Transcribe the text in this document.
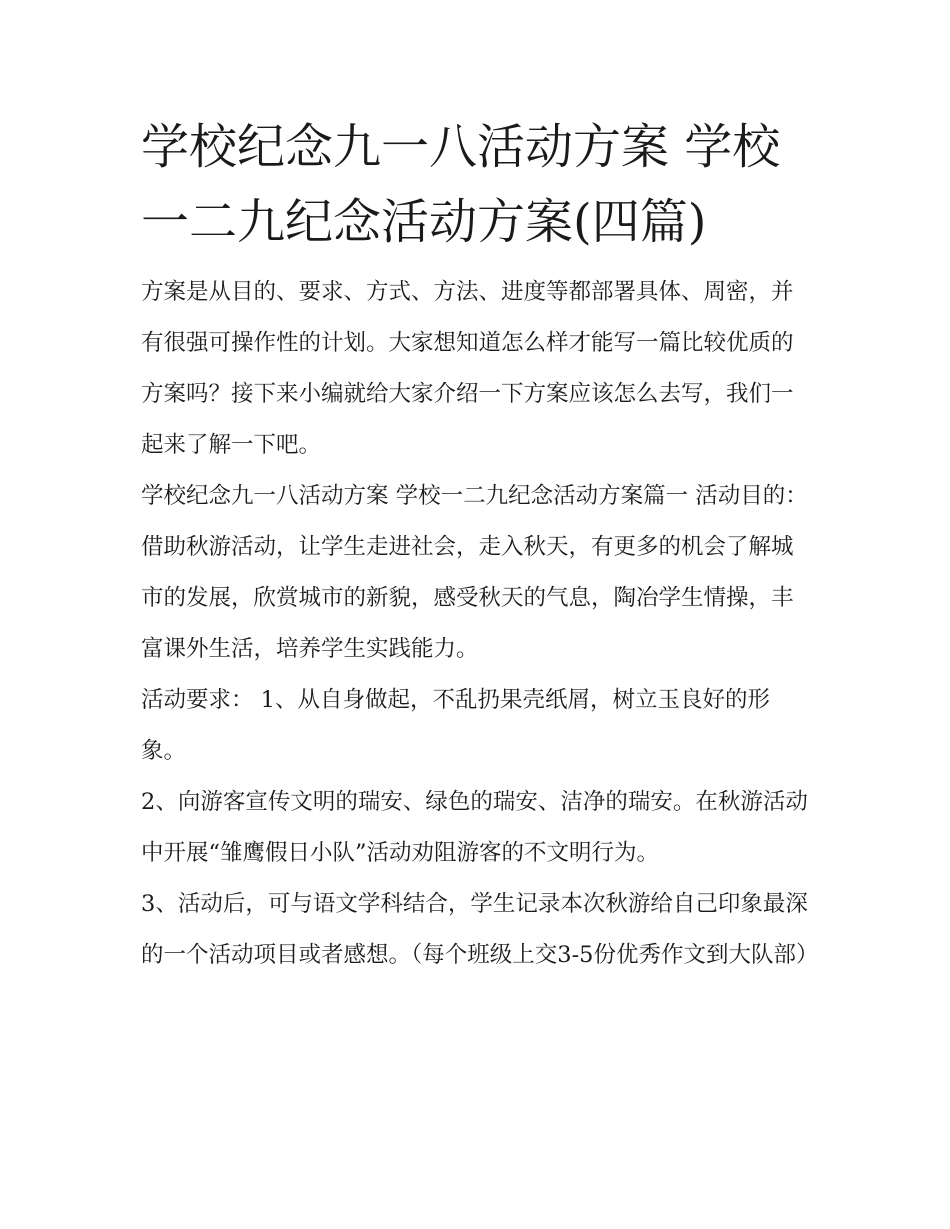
学校纪念九一八活动方案 学校一二九纪念活动方案(四篇)

方案是从目的、要求、方式、方法、进度等都部署具体、周密，并有很强可操作性的计划。大家想知道怎么样才能写一篇比较优质的方案吗？接下来小编就给大家介绍一下方案应该怎么去写，我们一起来了解一下吧。

学校纪念九一八活动方案 学校一二九纪念活动方案篇一 活动目的：

借助秋游活动，让学生走进社会，走入秋天，有更多的机会了解城市的发展，欣赏城市的新貌，感受秋天的气息，陶冶学生情操，丰富课外生活，培养学生实践能力。

活动要求： 1、从自身做起，不乱扔果壳纸屑，树立玉良好的形象。

2、向游客宣传文明的瑞安、绿色的瑞安、洁净的瑞安。在秋游活动中开展“雏鹰假日小队”活动劝阻游客的不文明行为。

3、活动后，可与语文学科结合，学生记录本次秋游给自己印象最深的一个活动项目或者感想。（每个班级上交3-5份优秀作文到大队部）
